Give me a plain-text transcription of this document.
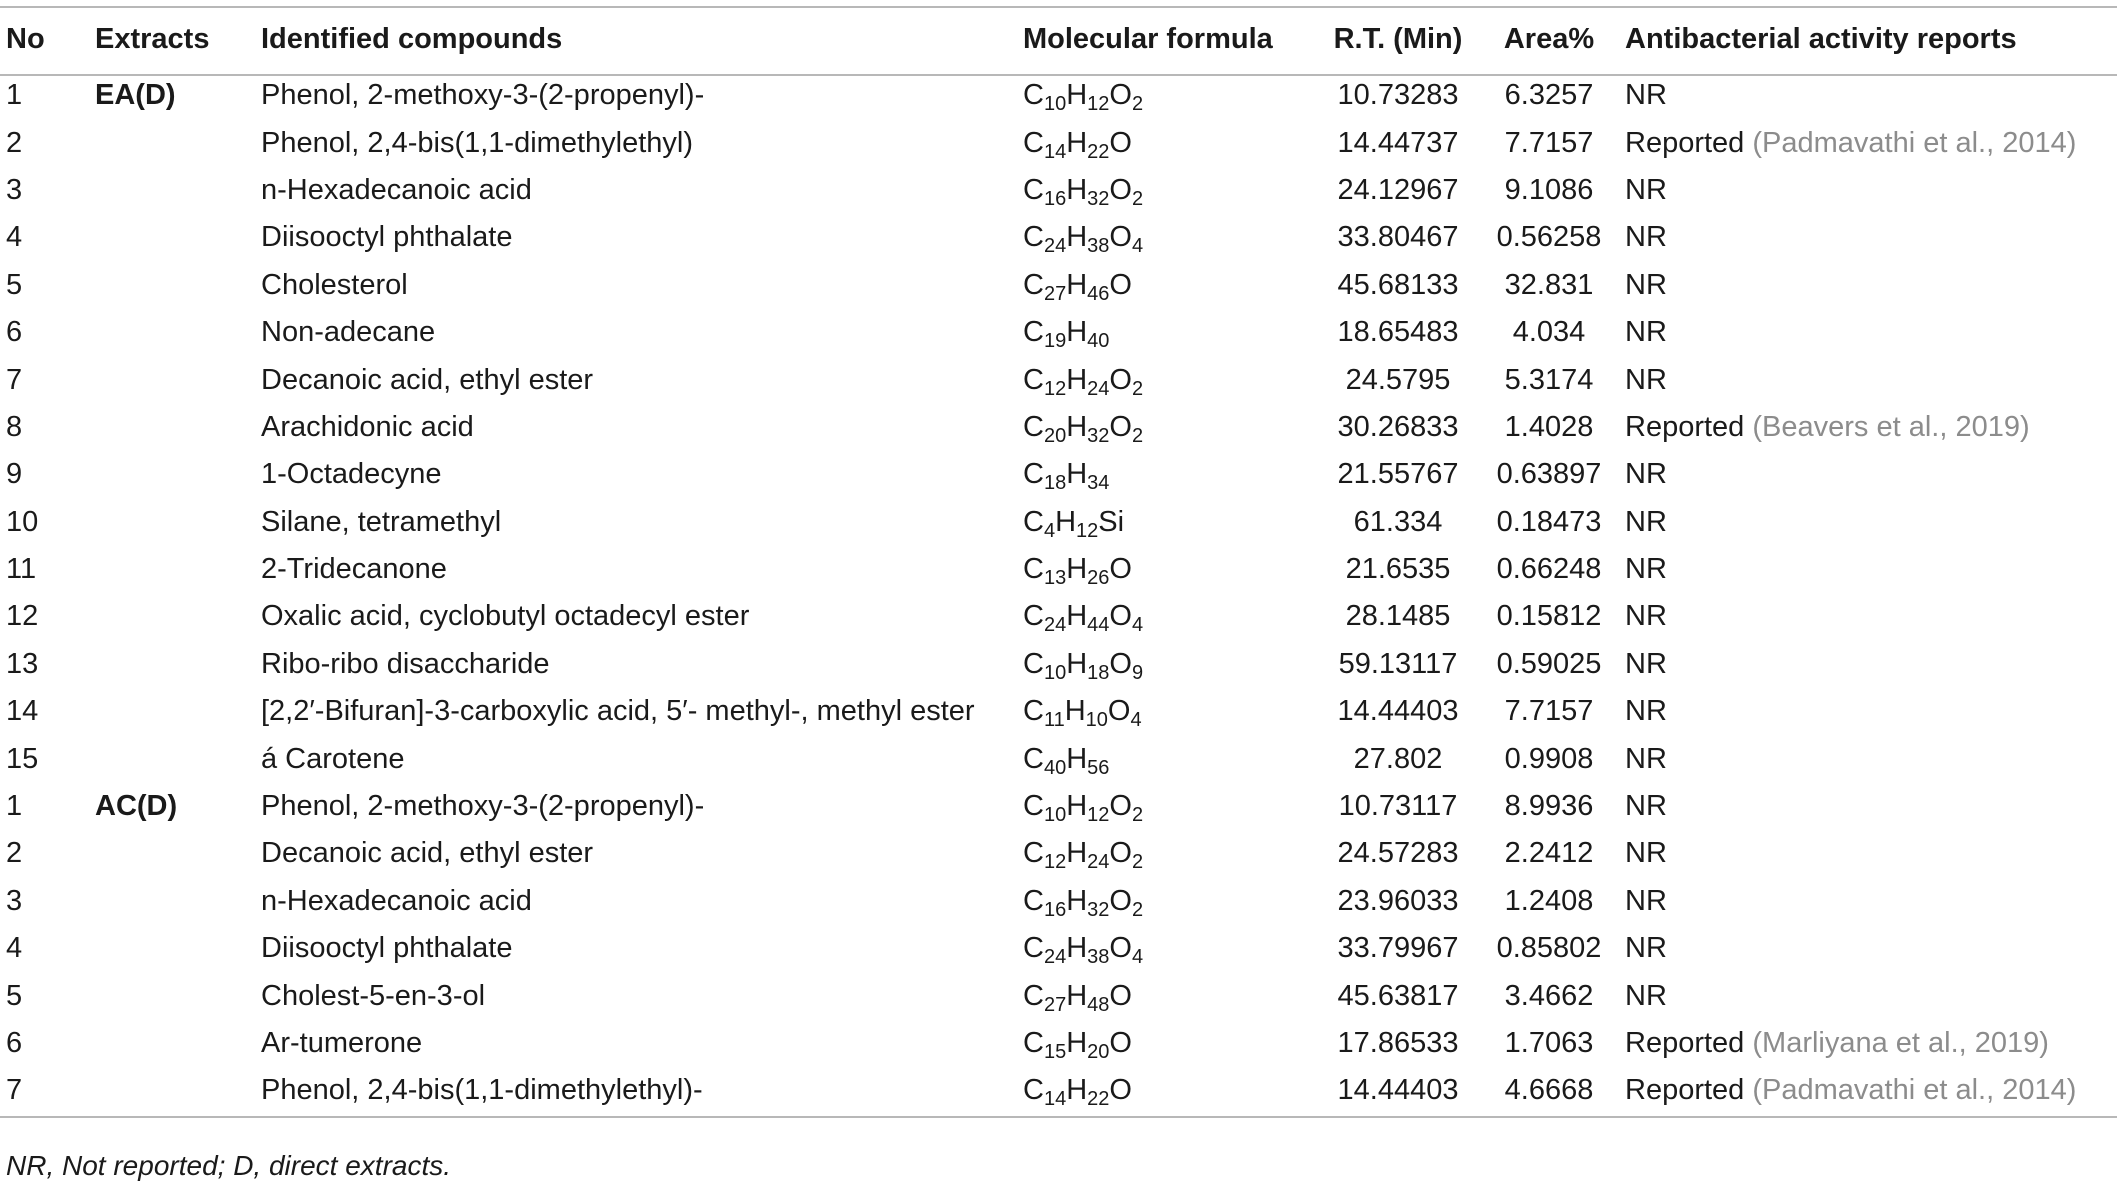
No	Extracts	Identified compounds	Molecular formula	R.T. (Min)	Area%	Antibacterial activity reports
1	EA(D)	Phenol, 2-methoxy-3-(2-propenyl)-	$C_{10}H_{12}O_2$	10.73283	6.3257	NR
2		Phenol, 2,4-bis(1,1-dimethylethyl)	$C_{14}H_{22}O$	14.44737	7.7157	Reported (Padmavathi et al., 2014)
3		n-Hexadecanoic acid	$C_{16}H_{32}O_2$	24.12967	9.1086	NR
4		Diisooctyl phthalate	$C_{24}H_{38}O_4$	33.80467	0.56258	NR
5		Cholesterol	$C_{27}H_{46}O$	45.68133	32.831	NR
6		Non-adecane	$C_{19}H_{40}$	18.65483	4.034	NR
7		Decanoic acid, ethyl ester	$C_{12}H_{24}O_2$	24.5795	5.3174	NR
8		Arachidonic acid	$C_{20}H_{32}O_2$	30.26833	1.4028	Reported (Beavers et al., 2019)
9		1-Octadecyne	$C_{18}H_{34}$	21.55767	0.63897	NR
10		Silane, tetramethyl	$C_4H_{12}Si$	61.334	0.18473	NR
11		2-Tridecanone	$C_{13}H_{26}O$	21.6535	0.66248	NR
12		Oxalic acid, cyclobutyl octadecyl ester	$C_{24}H_{44}O_4$	28.1485	0.15812	NR
13		Ribo-ribo disaccharide	$C_{10}H_{18}O_9$	59.13117	0.59025	NR
14		[2,2′-Bifuran]-3-carboxylic acid, 5′- methyl-, methyl ester	$C_{11}H_{10}O_4$	14.44403	7.7157	NR
15		á Carotene	$C_{40}H_{56}$	27.802	0.9908	NR
1	AC(D)	Phenol, 2-methoxy-3-(2-propenyl)-	$C_{10}H_{12}O_2$	10.73117	8.9936	NR
2		Decanoic acid, ethyl ester	$C_{12}H_{24}O_2$	24.57283	2.2412	NR
3		n-Hexadecanoic acid	$C_{16}H_{32}O_2$	23.96033	1.2408	NR
4		Diisooctyl phthalate	$C_{24}H_{38}O_4$	33.79967	0.85802	NR
5		Cholest-5-en-3-ol	$C_{27}H_{48}O$	45.63817	3.4662	NR
6		Ar-tumerone	$C_{15}H_{20}O$	17.86533	1.7063	Reported (Marliyana et al., 2019)
7		Phenol, 2,4-bis(1,1-dimethylethyl)-	$C_{14}H_{22}O$	14.44403	4.6668	Reported (Padmavathi et al., 2014)
NR, Not reported; D, direct extracts.
